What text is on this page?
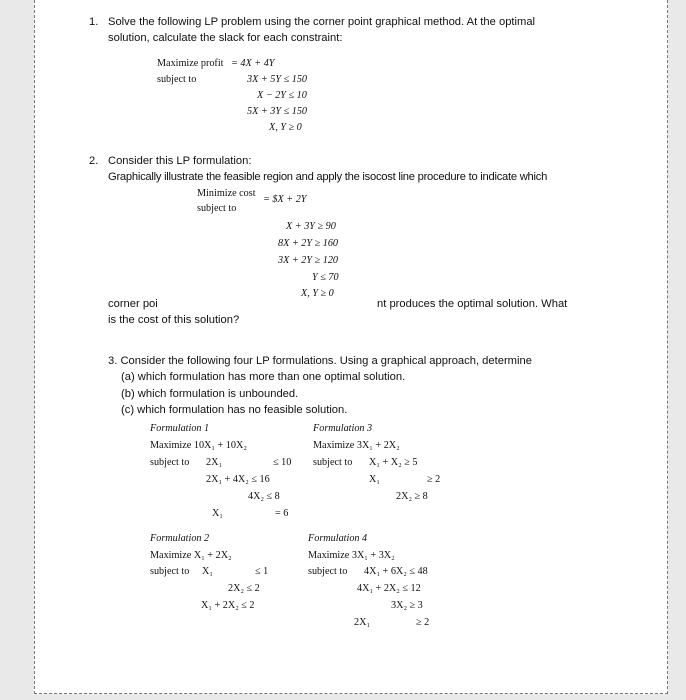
1. Solve the following LP problem using the corner point graphical method. At the optimal
solution, calculate the slack for each constraint:
Maximize profit = 4X + 4Y
subject to	3X + 5Y ≤ 150
X − 2Y ≤ 10
5X + 3Y ≤ 150
X, Y ≥ 0
2. Consider this LP formulation:
Graphically illustrate the feasible region and apply the isocost line procedure to indicate which
Minimize cost
= $X + 2Y
subject to
X + 3Y ≥ 90
8X + 2Y ≥ 160
3X + 2Y ≥ 120
Y ≤ 70
X, Y ≥ 0
corner poi	nt produces the optimal solution. What
is the cost of this solution?
3. Consider the following four LP formulations. Using a graphical approach, determine
(a) which formulation has more than one optimal solution.
(b) which formulation is unbounded.
(c) which formulation has no feasible solution.
Formulation 1
Maximize 10X₁ + 10X₂
subject to 2X₁	≤ 10
2X₁ + 4X₂ ≤ 16
4X₂ ≤ 8
X₁	= 6
Formulation 3
Maximize 3X₁ + 2X₂
subject to X₁ + X₂ ≥ 5
X₁	≥ 2
2X₂ ≥ 8
Formulation 2
Maximize X₁ + 2X₂
subject to X₁	≤ 1
2X₂ ≤ 2
X₁ + 2X₂ ≤ 2
Formulation 4
Maximize 3X₁ + 3X₂
subject to 4X₁ + 6X₂ ≤ 48
4X₁ + 2X₂ ≤ 12
3X₂ ≥ 3
2X₁	≥ 2
